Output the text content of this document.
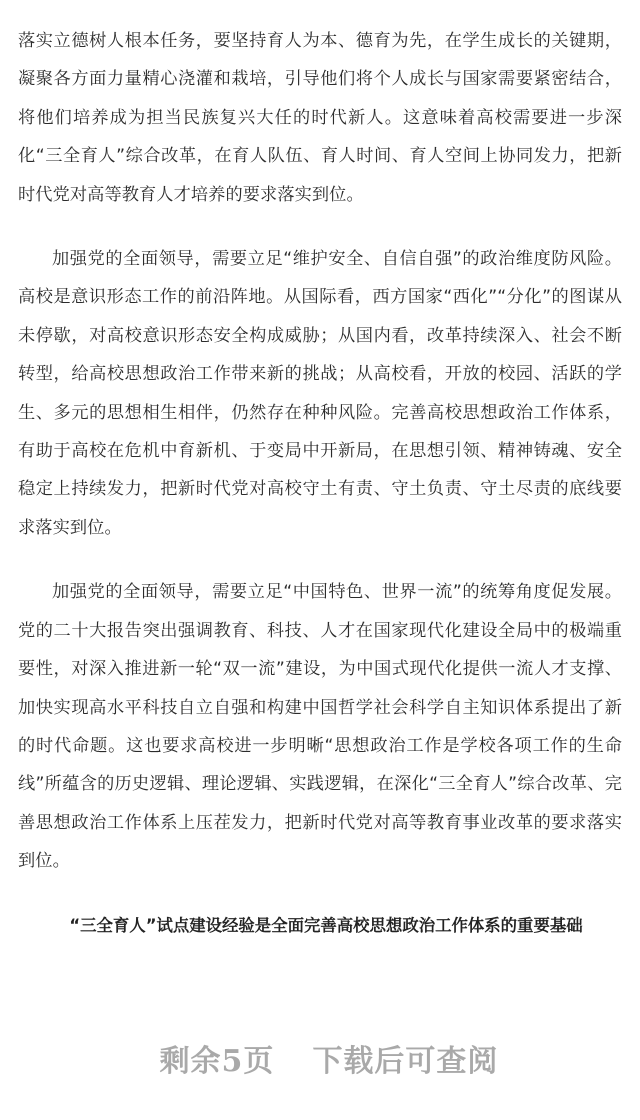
落实立德树人根本任务，要坚持育人为本、德育为先，在学生成长的关键期，凝聚各方面力量精心浇灌和栽培，引导他们将个人成长与国家需要紧密结合，将他们培养成为担当民族复兴大任的时代新人。这意味着高校需要进一步深化“三全育人”综合改革，在育人队伍、育人时间、育人空间上协同发力，把新时代党对高等教育人才培养的要求落实到位。

加强党的全面领导，需要立足“维护安全、自信自强”的政治维度防风险。高校是意识形态工作的前沿阵地。从国际看，西方国家“西化”“分化”的图谋从未停歇，对高校意识形态安全构成威胁；从国内看，改革持续深入、社会不断转型，给高校思想政治工作带来新的挑战；从高校看，开放的校园、活跃的学生、多元的思想相生相伴，仍然存在种种风险。完善高校思想政治工作体系，有助于高校在危机中育新机、于变局中开新局，在思想引领、精神铸魂、安全稳定上持续发力，把新时代党对高校守土有责、守土负责、守土尽责的底线要求落实到位。

加强党的全面领导，需要立足“中国特色、世界一流”的统筹角度促发展。党的二十大报告突出强调教育、科技、人才在国家现代化建设全局中的极端重要性，对深入推进新一轮“双一流”建设，为中国式现代化提供一流人才支撑、加快实现高水平科技自立自强和构建中国哲学社会科学自主知识体系提出了新的时代命题。这也要求高校进一步明晰“思想政治工作是学校各项工作的生命线”所蕴含的历史逻辑、理论逻辑、实践逻辑，在深化“三全育人”综合改革、完善思想政治工作体系上压茬发力，把新时代党对高等教育事业改革的要求落实到位。

“三全育人”试点建设经验是全面完善高校思想政治工作体系的重要基础
剩余5页 下载后可查阅
